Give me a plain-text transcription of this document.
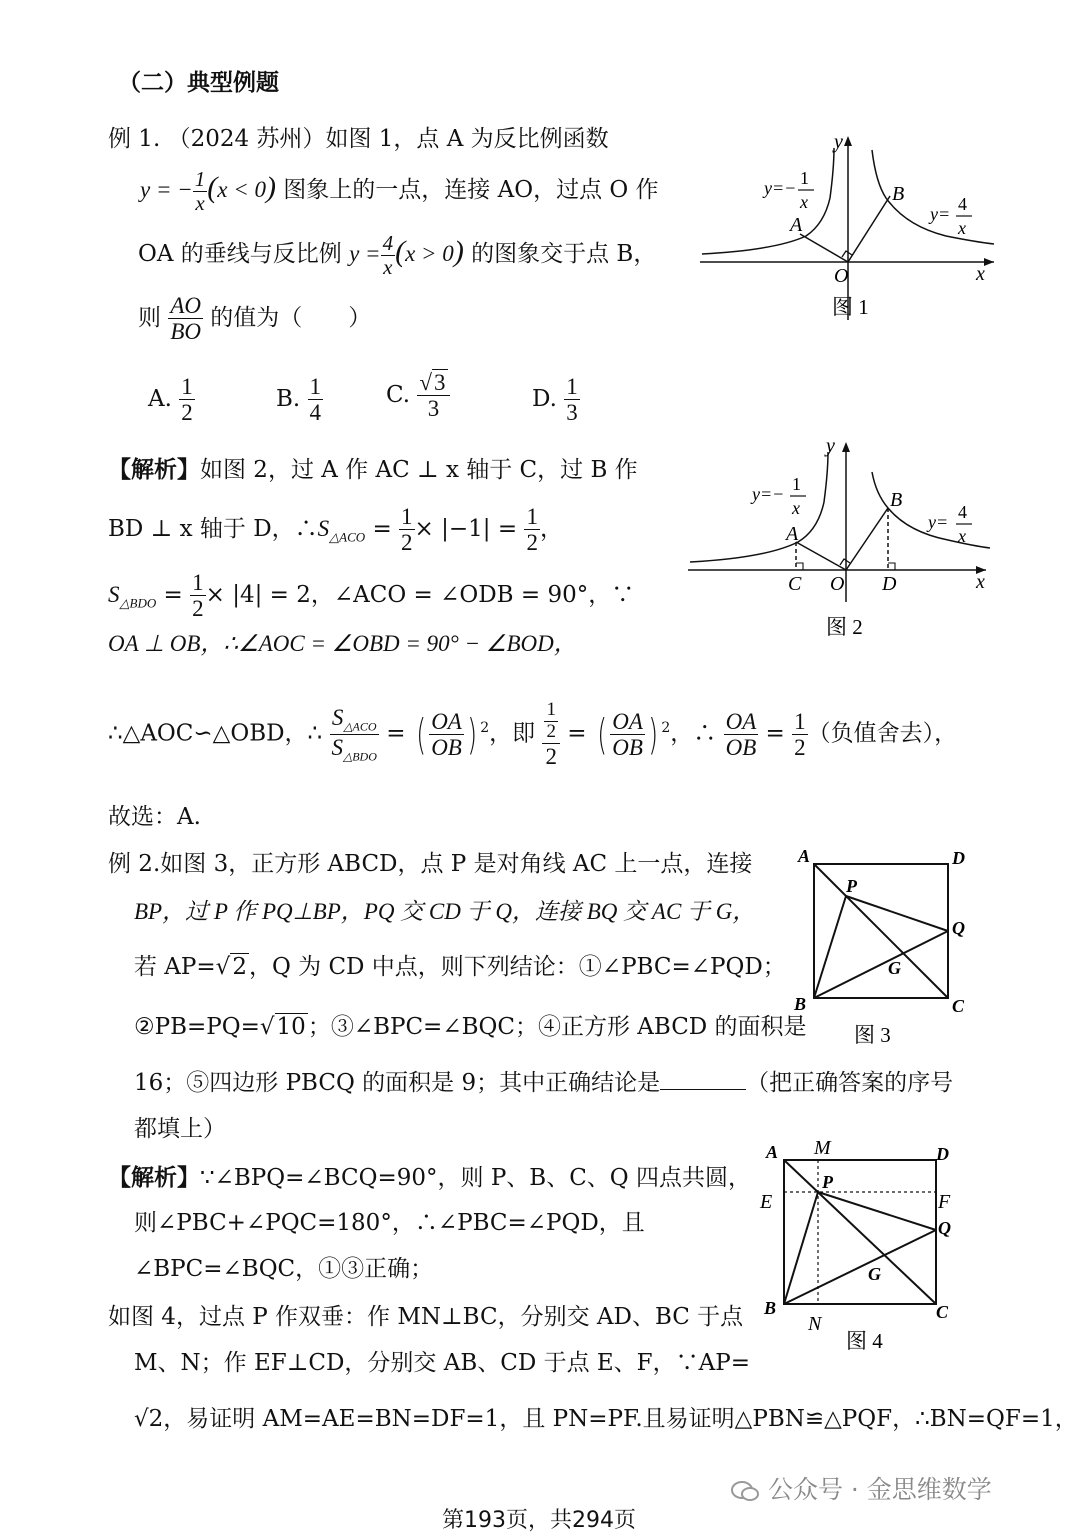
（二）典型例题
例 1. （2024 苏州）如图 1，点 A 为反比例函数
y = − $\frac{1}{x} (x < 0)$ 图象上的一点，连接 AO，过点 O 作
OA 的垂线与反比例 $y = \frac{4}{x} (x > 0)$ 的图象交于点 B，
则 $\frac{AO}{BO}$ 的值为（　　）
A. $\frac{1}{2}$	B. $\frac{1}{4}$	C. $\frac{√3}{3}$	D. $\frac{1}{3}$
y
x
O
A
B
y=− 1
x
y= 4
x
图 1
【解析】如图 2，过 A 作 AC ⊥ x 轴于 C，过 B 作
BD ⊥ x 轴于 D，$\therefore S_{\triangle ACO} = \frac{1}{2} \times |-1| = \frac{1}{2}$ ，
$S_{\triangle BDO} = \frac{1}{2} \times |4| = 2$，∠ACO = ∠ODB = 90°，∵
OA ⊥ OB，∴∠AOC = ∠OBD = 90° − ∠BOD，
∴△AOC∽△OBD，∴ $\frac{S_{\triangle ACO}}{S_{\triangle BDO}}$ = ( $\frac{OA}{OB}$ ) $^2$，即 $\frac{\frac{1}{2}}{2}$ = ( $\frac{OA}{OB}$ ) $^2$，∴ $\frac{OA}{OB} = \frac{1}{2}$ （负值舍去），
y
x
O
A
B
C	D
y=− 1
x
y= 4
x
图 2
故选：A.
例 2.如图 3，正方形 ABCD，点 P 是对角线 AC 上一点，连接
BP，过 P 作 PQ⊥BP，PQ 交 CD 于 Q，连接 BQ 交 AC 于 G，
若 AP=√2，Q 为 CD 中点，则下列结论：①∠PBC=∠PQD；
②PB=PQ=√10；③∠BPC=∠BQC；④正方形 ABCD 的面积是
16；⑤四边形 PBCQ 的面积是 9；其中正确结论是	（把正确答案的序号
都填上）
A	D
B	C
P
Q
G
图 3
【解析】∵∠BPQ=∠BCQ=90°，则 P、B、C、Q 四点共圆，
则∠PBC+∠PQC=180°，∴∠PBC=∠PQD，且
∠BPC=∠BQC，①③正确；
如图 4，过点 P 作双垂：作 MN⊥BC，分别交 AD、BC 于点
M、N；作 EF⊥CD，分别交 AB、CD 于点 E、F，∵AP=
√2，易证明 AM=AE=BN=DF=1，且 PN=PF.且易证明△PBN≌△PQF，∴BN=QF=1，
A M	D
E	F
P
Q
G
B	C
N
图 4
公众号 · 金思维数学
第193页，共294页
